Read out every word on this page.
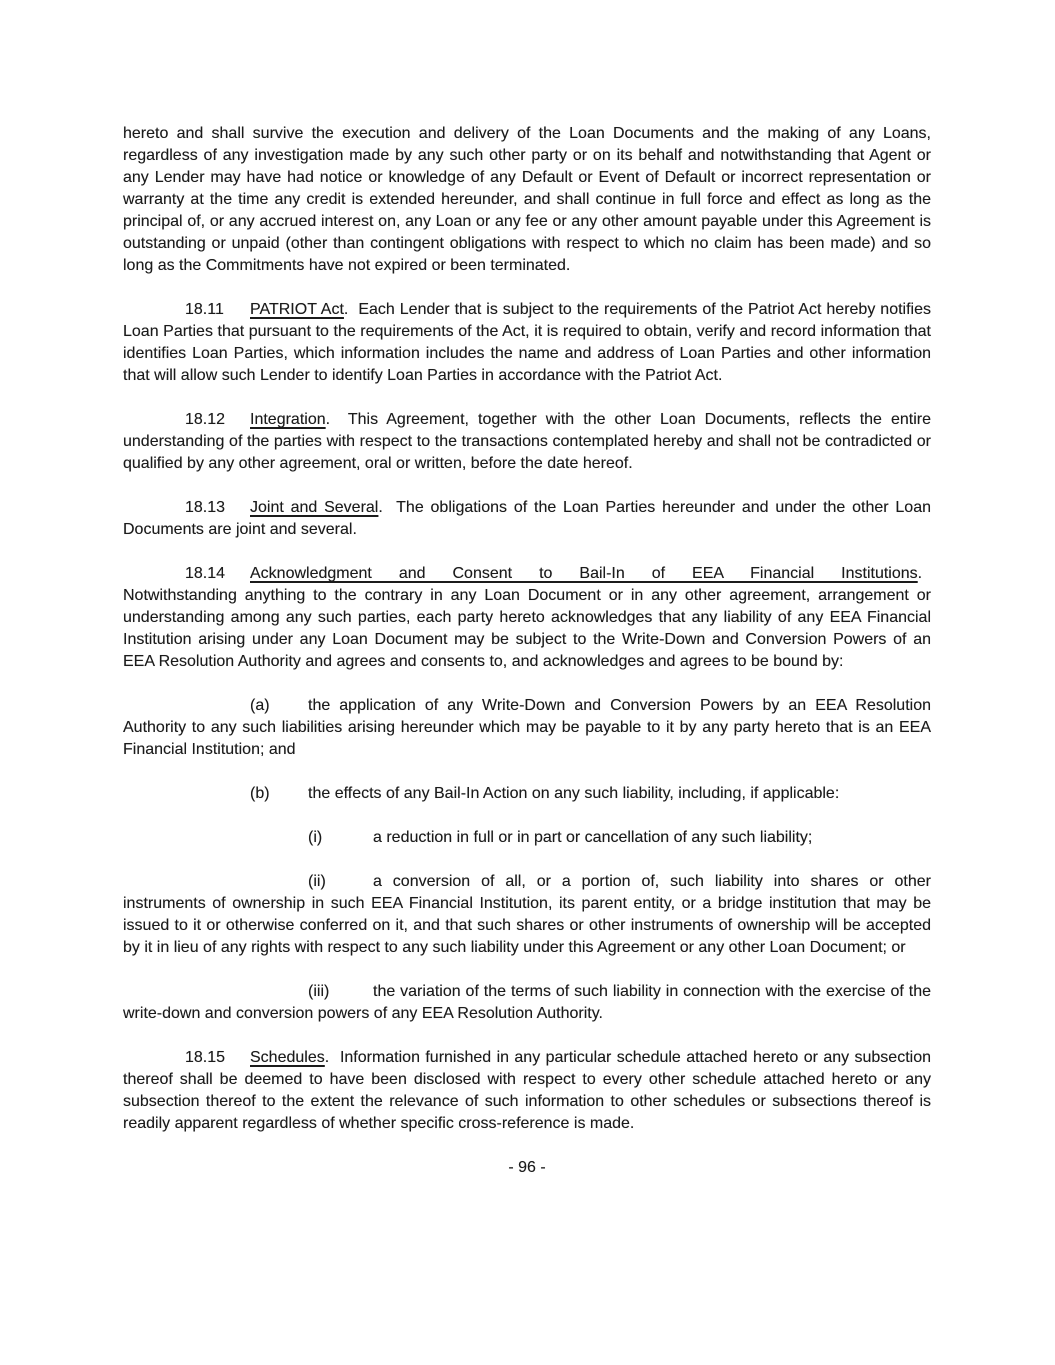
hereto and shall survive the execution and delivery of the Loan Documents and the making of any Loans, regardless of any investigation made by any such other party or on its behalf and notwithstanding that Agent or any Lender may have had notice or knowledge of any Default or Event of Default or incorrect representation or warranty at the time any credit is extended hereunder, and shall continue in full force and effect as long as the principal of, or any accrued interest on, any Loan or any fee or any other amount payable under this Agreement is outstanding or unpaid (other than contingent obligations with respect to which no claim has been made) and so long as the Commitments have not expired or been terminated.

18.11 PATRIOT Act.  Each Lender that is subject to the requirements of the Patriot Act hereby notifies Loan Parties that pursuant to the requirements of the Act, it is required to obtain, verify and record information that identifies Loan Parties, which information includes the name and address of Loan Parties and other information that will allow such Lender to identify Loan Parties in accordance with the Patriot Act.

18.12 Integration.  This Agreement, together with the other Loan Documents, reflects the entire understanding of the parties with respect to the transactions contemplated hereby and shall not be contradicted or qualified by any other agreement, oral or written, before the date hereof.

18.13 Joint and Several.  The obligations of the Loan Parties hereunder and under the other Loan Documents are joint and several.

18.14 Acknowledgment and Consent to Bail-In of EEA Financial Institutions.

Notwithstanding anything to the contrary in any Loan Document or in any other agreement, arrangement or understanding among any such parties, each party hereto acknowledges that any liability of any EEA Financial Institution arising under any Loan Document may be subject to the Write-Down and Conversion Powers of an EEA Resolution Authority and agrees and consents to, and acknowledges and agrees to be bound by:

(a) the application of any Write-Down and Conversion Powers by an EEA Resolution Authority to any such liabilities arising hereunder which may be payable to it by any party hereto that is an EEA Financial Institution; and

(b) the effects of any Bail-In Action on any such liability, including, if applicable:

(i)	a reduction in full or in part or cancellation of any such liability;

(ii)	a conversion of all, or a portion of, such liability into shares or other instruments of ownership in such EEA Financial Institution, its parent entity, or a bridge institution that may be issued to it or otherwise conferred on it, and that such shares or other instruments of ownership will be accepted by it in lieu of any rights with respect to any such liability under this Agreement or any other Loan Document; or

(iii)	the variation of the terms of such liability in connection with the exercise of the write-down and conversion powers of any EEA Resolution Authority.

18.15 Schedules.  Information furnished in any particular schedule attached hereto or any subsection thereof shall be deemed to have been disclosed with respect to every other schedule attached hereto or any subsection thereof to the extent the relevance of such information to other schedules or subsections thereof is readily apparent regardless of whether specific cross-reference is made.

- 96 -
